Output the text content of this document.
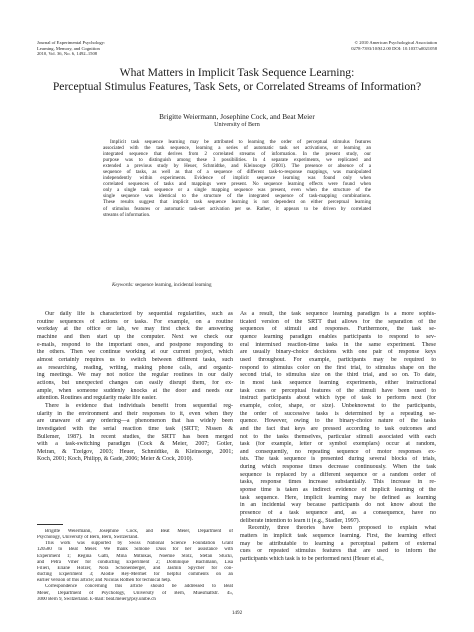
Journal of Experimental Psychology:
Learning, Memory, and Cognition
2010, Vol. 36, No. 6, 1492–1508
© 2010 American Psychological Association
0278-7393/10/$12.00 DOI: 10.1037/a0021058
What Matters in Implicit Task Sequence Learning:
Perceptual Stimulus Features, Task Sets, or Correlated Streams of Information?
Brigitte Weiermann, Josephine Cock, and Beat Meier
University of Bern
Implicit task sequence learning may be attributed to learning the order of perceptual stimulus features
associated with the task sequence, learning a series of automatic task set activations, or learning an
integrated sequence that derives from 2 correlated streams of information. In the present study, our
purpose was to distinguish among these 3 possibilities. In 4 separate experiments, we replicated and
extended a previous study by Heuer, Schmidtke, and Kleinsorge (2001). The presence or absence of a
sequence of tasks, as well as that of a sequence of different task-to-response mappings, was manipulated
independently within experiments. Evidence of implicit sequence learning was found only when
correlated sequences of tasks and mappings were present. No sequence learning effects were found when
only a single task sequence or a single mapping sequence was present, even when the structure of the
single sequence was identical to the structure of the integrated sequence of task-mapping combinations.
These results suggest that implicit task sequence learning is not dependent on either perceptual learning
of stimulus features or automatic task-set activation per se. Rather, it appears to be driven by correlated
streams of information.
Keywords: sequence learning, incidental learning
Our daily life is characterized by sequential regularities, such as
routine sequences of actions or tasks. For example, on a routine
workday at the office or lab, we may first check the answering
machine and then start up the computer. Next we check our
e-mails, respond to the important ones, and postpone responding to
the others. Then we continue working at our current project, which
almost certainly requires us to switch between different tasks, such
as researching, reading, writing, making phone calls, and organiz-
ing meetings. We may not notice the regular routines in our daily
actions, but unexpected changes can easily disrupt them, for ex-
ample, when someone suddenly knocks at the door and needs our
attention. Routines and regularity make life easier.
There is evidence that individuals benefit from sequential reg-
ularity in the environment and their responses to it, even when they
are unaware of any ordering—a phenomenon that has widely been
investigated with the serial reaction time task (SRTT; Nissen &
Bullemer, 1987). In recent studies, the SRTT has been merged
with a task-switching paradigm (Cock & Meier, 2007; Gotler,
Meiran, & Tzelgov, 2003; Heuer, Schmidtke, & Kleinsorge, 2001;
Koch, 2001; Koch, Philipp, & Gade, 2006; Meier & Cock, 2010).
As a result, the task sequence learning paradigm is a more sophis-
ticated version of the SRTT that allows for the separation of the
sequences of stimuli and responses. Furthermore, the task se-
quence learning paradigm enables participants to respond to sev-
eral intermixed reaction-time tasks in the same experiment. These
are usually binary-choice decisions with one pair of response keys
used throughout. For example, participants may be required to
respond to stimulus color on the first trial, to stimulus shape on the
second trial, to stimulus size on the third trial, and so on. To date,
in most task sequence learning experiments, either instructional
task cues or perceptual features of the stimuli have been used to
instruct participants about which type of task to perform next (for
example, color, shape, or size). Unbeknownst to the participants,
the order of successive tasks is determined by a repeating se-
quence. However, owing to the binary-choice nature of the tasks
and the fact that keys are pressed according to task outcomes and
not to the tasks themselves, particular stimuli associated with each
task (for example, letter or symbol exemplars) occur at random,
and consequently, no repeating sequence of motor responses ex-
ists. The task sequence is presented during several blocks of trials,
during which response times decrease continuously. When the task
sequence is replaced by a different sequence or a random order of
tasks, response times increase substantially. This increase in re-
sponse time is taken as indirect evidence of implicit learning of the
task sequence. Here, implicit learning may be defined as learning
in an incidental way because participants do not know about the
presence of a task sequence and, as a consequence, have no
deliberate intention to learn it (e.g., Stadler, 1997).
Recently, three theories have been proposed to explain what
matters in implicit task sequence learning. First, the learning effect
may be attributable to learning a perceptual pattern of external
cues or repeated stimulus features that are used to inform the
participants which task is to be performed next (Heuer et al.,
Brigitte Weiermann, Josephine Cock, and Beat Meier, Department of
Psychology, University of Bern, Bern, Switzerland.
This work was supported by Swiss National Science Foundation Grant
120580 to Beat Meier. We thank Simone Duss for her assistance with
Experiment 1; Regina Gatti, Mina Mitnikas, Noëmie Stolz, Stefan Stucki,
and Petra Viher for conducting Experiment 2; Dominique Bachmann, Lisa
Filieri, Eliane Holzer, Nora Schönenberger, and Jasmin Spycher for con-
ducting Experiment 3; Alodie Rey-Mermet for helpful comments on an
earlier version of this article; and Nicolas Rothen for technical help.
Correspondence concerning this article should be addressed to Beat
Meier, Department of Psychology, University of Bern, Muesmattstr. 45,
3000 Bern 9, Switzerland. E-mail: beat.meier@psy.unibe.ch
1492
